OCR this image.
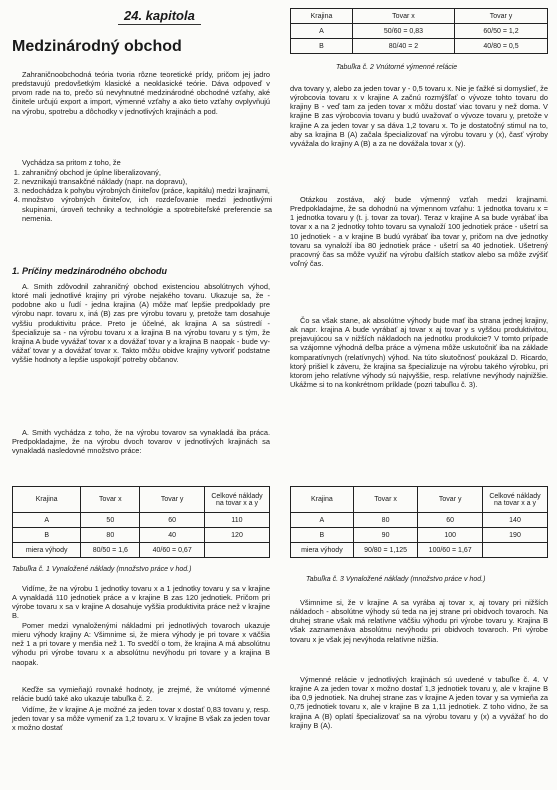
24. kapitola
Medzinárodný obchod

Zahraničnoobchodná teória tvoria rôzne teoretické prídy, pričom jej jadro predstavujú predovšetkým klasické a neoklasické teórie. Dáva odpoveď v prvom rade na to, prečo sú nevyhnutné medzinárodné obchodné vzťahy, aké činitele určujú export a import, výmenné vzťahy a ako tieto vzťahy ovplyvňujú na výrobu, spotrebu a dôchodky v jednotlivých krajinách a pod.

Vychádza sa pritom z toho, že

1. zahraničný obchod je úplne liberalizovaný,
2. nevznikajú transakčné náklady (napr. na dopravu),
3. nedochádza k pohybu výrobných činiteľov (práce, kapitálu) medzi krajinami,
4. množstvo výrobných činiteľov, ich rozdeľovanie medzi jednotlivými skupinami, úroveň techniky a technológie a spotrebiteľské preferencie sa nemenia.
1. Príčiny medzinárodného obchodu

A. Smith zdôvodnil zahraničný obchod existenciou absolútnych výhod, ktoré mali jednotlivé krajiny pri výrobe nejakého tovaru. Ukazuje sa, že - podobne ako u ľudí - jedna krajina (A) môže mať lepšie predpoklady pre výrobu napr. tovaru x, iná (B) zas pre výrobu tovaru y, pretože tam dosahuje vyššiu produktivitu práce. Preto je účelné, ak krajina A sa sústredí - špecializuje sa - na výrobu tovaru x a krajina B na výrobu tovaru y s tým, že krajina A bude vyvážať tovar x a dovážať tovar y a krajina B naopak - bude vyvážať tovar y a dovážať tovar x. Takto môžu obidve krajiny vytvoriť podstatne vyššie hodnoty a lepšie uspokojiť potreby občanov.

A. Smith vychádza z toho, že na výrobu tovarov sa vynakladá iba práca. Predpokladajme, že na výrobu dvoch tovarov v jednotlivých krajinách sa vynakladá nasledovné množstvo práce:

Krajina	Tovar x	Tovar y	Celkové náklady na tovar x a y
A	50	60	110
B	80	40	120
miera výhody	80/50 = 1,6	40/60 = 0,67	
Tabuľka č. 1 Vynaložené náklady (množstvo práce v hod.)

Vidíme, že na výrobu 1 jednotky tovaru x a 1 jednotky tovaru y sa v krajine A vynakladá 110 jednotiek práce a v krajine B zas 120 jednotiek. Pričom pri výrobe tovaru x sa v krajine A dosahuje vyššia produktivita práce než v krajine B.

Pomer medzi vynaloženými nákladmi pri jednotlivých tovaroch ukazuje mieru výhody krajiny A: Všimnime si, že miera výhody je pri tovare x väčšia než 1 a pri tovare y menšia než 1. To svedčí o tom, že krajina A má absolútnu výhodu pri výrobe tovaru x a absolútnu nevýhodu pri tovare y a krajina B naopak.

Keďže sa vymieňajú rovnaké hodnoty, je zrejmé, že vnútorné výmenné relácie budú také ako ukazuje tabuľka č. 2.

Vidíme, že v krajine A je možné za jeden tovar x dostať 0,83 tovaru y, resp. jeden tovar y sa môže vymeniť za 1,2 tovaru x. V krajine B však za jeden tovar x možno dostať

Krajina	Tovar x	Tovar y
A	50/60 = 0,83	60/50 = 1,2
B	80/40 = 2	40/80 = 0,5
Tabuľka č. 2 Vnútorné výmenné relácie

dva tovary y, alebo za jeden tovar y - 0,5 tovaru x. Nie je ťažké si domyslieť, že výrobcovia tovaru x v krajine A začnú rozmýšľať o vývoze tohto tovaru do krajiny B - veď tam za jeden tovar x môžu dostať viac tovaru y než doma. V krajine B zas výrobcovia tovaru y budú uvažovať o vývoze tovaru y, pretože v krajine A za jeden tovar y sa dáva 1,2 tovaru x. To je dostatočný stimul na to, aby sa krajina B (A) začala špecializovať na výrobu tovaru y (x), časť výroby vyvážala do krajiny A (B) a za ne dovážala tovar x (y).

Otázkou zostáva, aký bude výmenný vzťah medzi krajinami. Predpokladajme, že sa dohodnú na výmennom vzťahu: 1 jednotka tovaru x = 1 jednotka tovaru y (t. j. tovar za tovar). Teraz v krajine A sa bude vyrábať iba tovar x a na 2 jednotky tohto tovaru sa vynaloží 100 jednotiek práce - ušetrí sa 10 jednotiek - a v krajine B budú vyrábať iba tovar y, pričom na dve jednotky tovaru sa vynaloží iba 80 jednotiek práce - ušetrí sa 40 jednotiek. Ušetrený pracovný čas sa môže využiť na výrobu ďalších statkov alebo sa môže zvýšiť voľný čas.

Čo sa však stane, ak absolútne výhody bude mať iba strana jednej krajiny, ak napr. krajina A bude vyrábať aj tovar x aj tovar y s vyššou produktivitou, prejavujúcou sa v nižších nákladoch na jednotku produkcie? V tomto prípade sa vzájomne výhodná deľba práce a výmena môže uskutočniť iba na základe komparatívnych (relatívnych) výhod. Na túto skutočnosť poukázal D. Ricardo, ktorý prišiel k záveru, že krajina sa špecializuje na výrobu takého výrobku, pri ktorom jeho relatívne výhody sú najvyššie, resp. relatívne nevýhody najnižšie. Ukážme si to na konkrétnom príklade (pozri tabuľku č. 3).

Krajina	Tovar x	Tovar y	Celkové náklady na tovar x a y
A	80	60	140
B	90	100	190
miera výhody	90/80 = 1,125	100/60 = 1,67	
Tabuľka č. 3 Vynaložené náklady (množstvo práce v hod.)

Všimnime si, že v krajine A sa vyrába aj tovar x, aj tovary pri nižších nákladoch - absolútne výhody sú teda na jej strane pri obidvoch tovaroch. Na druhej strane však má relatívne väčšiu výhodu pri výrobe tovaru y. Krajina B však zaznamenáva absolútnu nevýhodu pri obidvoch tovaroch. Pri výrobe tovaru x je však jej nevýhoda relatívne nižšia.

Výmenné relácie v jednotlivých krajinách sú uvedené v tabuľke č. 4. V krajine A za jeden tovar x možno dostať 1,3 jednotiek tovaru y, ale v krajine B iba 0,9 jednotiek. Na druhej strane zas v krajine A jeden tovar y sa vymieňa za 0,75 jednotiek tovaru x, ale v krajine B za 1,11 jednotiek. Z toho vidno, že sa krajina A (B) oplatí špecializovať sa na výrobu tovaru y (x) a vyvážať ho do krajiny B (A).
